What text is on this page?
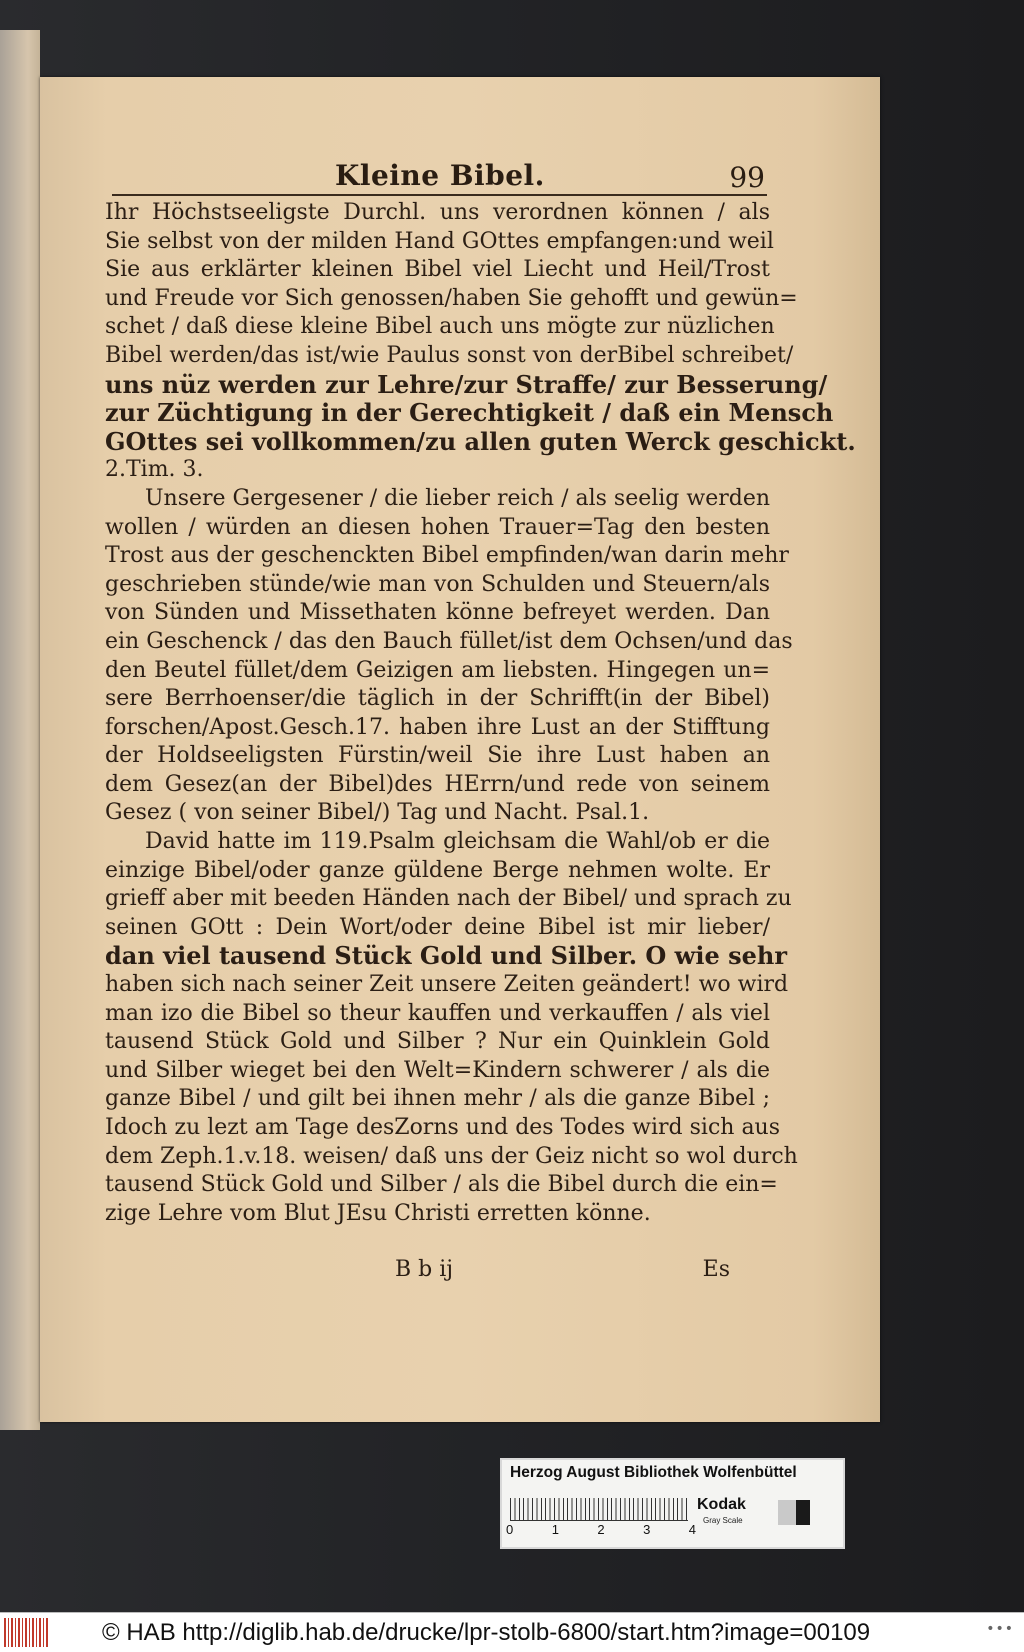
Kleine Bibel.	99
Ihr Höchstseeligste Durchl. uns verordnen können / als
Sie selbst von der milden Hand GOttes empfangen:und weil
Sie aus erklärter kleinen Bibel viel Liecht und Heil/Trost
und Freude vor Sich genossen/haben Sie gehofft und gewün=
schet / daß diese kleine Bibel auch uns mögte zur nüzlichen
Bibel werden/das ist/wie Paulus sonst von derBibel schreibet/
uns nüz werden zur Lehre/zur Straffe/ zur Besserung/
zur Züchtigung in der Gerechtigkeit / daß ein Mensch
GOttes sei vollkommen/zu allen guten Werck geschickt.
2.Tim. 3.
Unsere Gergesener / die lieber reich / als seelig werden
wollen / würden an diesen hohen Trauer=Tag den besten
Trost aus der geschenckten Bibel empfinden/wan darin mehr
geschrieben stünde/wie man von Schulden und Steuern/als
von Sünden und Missethaten könne befreyet werden. Dan
ein Geschenck / das den Bauch füllet/ist dem Ochsen/und das
den Beutel füllet/dem Geizigen am liebsten. Hingegen un=
sere Berrhoenser/die täglich in der Schrifft(in der Bibel)
forschen/Apost.Gesch.17. haben ihre Lust an der Stifftung
der Holdseeligsten Fürstin/weil Sie ihre Lust haben an
dem Gesez(an der Bibel)des HErrn/und rede von seinem
Gesez ( von seiner Bibel/) Tag und Nacht. Psal.1.
David hatte im 119.Psalm gleichsam die Wahl/ob er die
einzige Bibel/oder ganze güldene Berge nehmen wolte. Er
grieff aber mit beeden Händen nach der Bibel/ und sprach zu
seinen GOtt : Dein Wort/oder deine Bibel ist mir lieber/
dan viel tausend Stück Gold und Silber. O wie sehr
haben sich nach seiner Zeit unsere Zeiten geändert! wo wird
man izo die Bibel so theur kauffen und verkauffen / als viel
tausend Stück Gold und Silber ? Nur ein Quinklein Gold
und Silber wieget bei den Welt=Kindern schwerer / als die
ganze Bibel / und gilt bei ihnen mehr / als die ganze Bibel ;
Idoch zu lezt am Tage desZorns und des Todes wird sich aus
dem Zeph.1.v.18. weisen/ daß uns der Geiz nicht so wol durch
tausend Stück Gold und Silber / als die Bibel durch die ein=
zige Lehre vom Blut JEsu Christi erretten könne.
B b ij	Es
Herzog August Bibliothek Wolfenbüttel
0	1	2	3	4
Kodak
Gray Scale
© HAB http://diglib.hab.de/drucke/lpr-stolb-6800/start.htm?image=00109	•••
